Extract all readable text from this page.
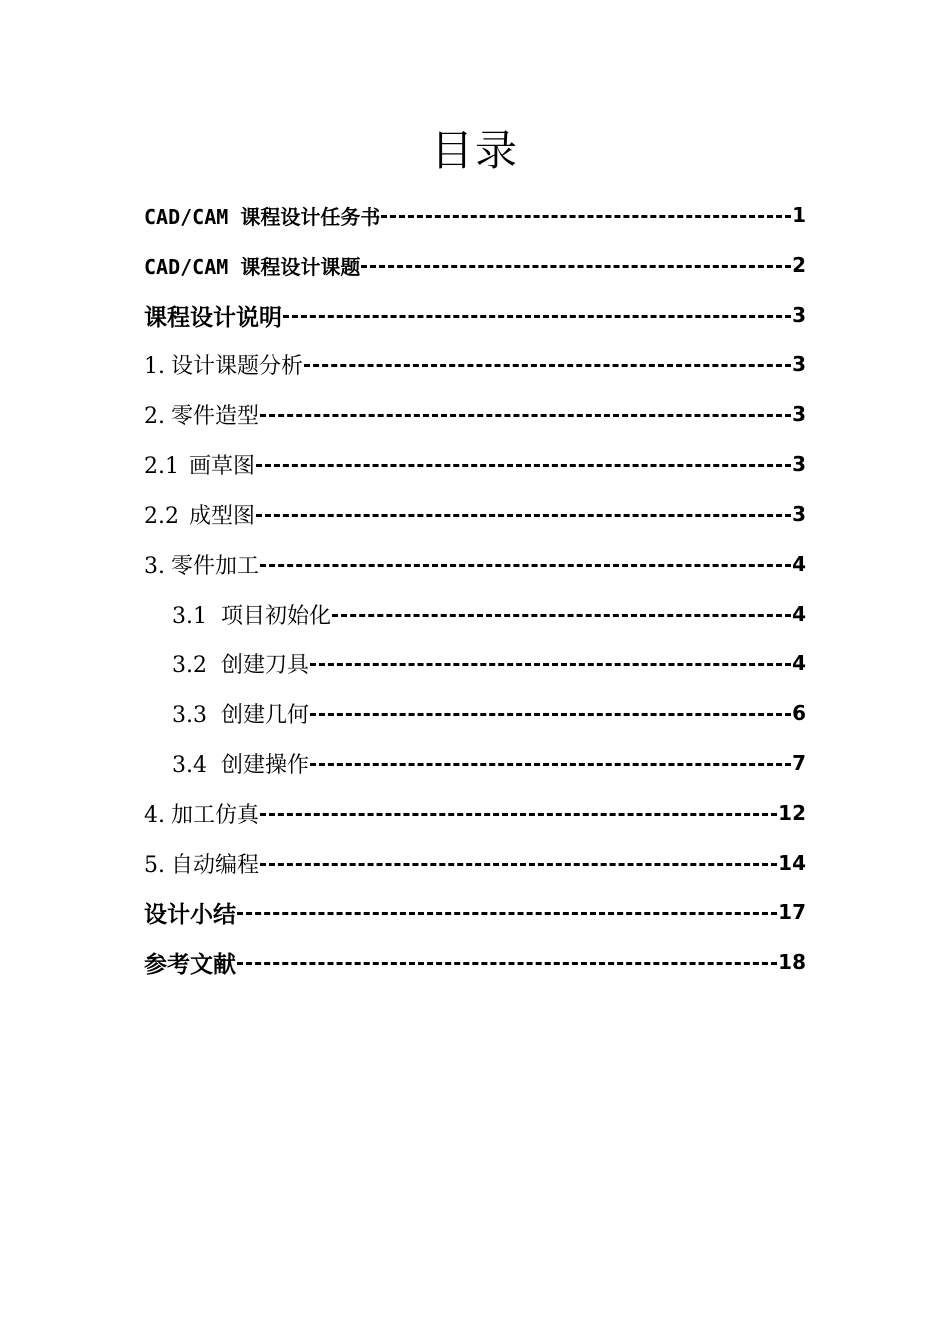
目录
CAD/CAM 课程设计任务书	1
CAD/CAM 课程设计课题	2
课程设计说明	3
1. 设计课题分析	3
2. 零件造型	3
2.1 画草图	3
2.2 成型图	3
3. 零件加工	4
3.1 项目初始化	4
3.2 创建刀具	4
3.3 创建几何	6
3.4 创建操作	7
4. 加工仿真	12
5. 自动编程	14
设计小结	17
参考文献	18
